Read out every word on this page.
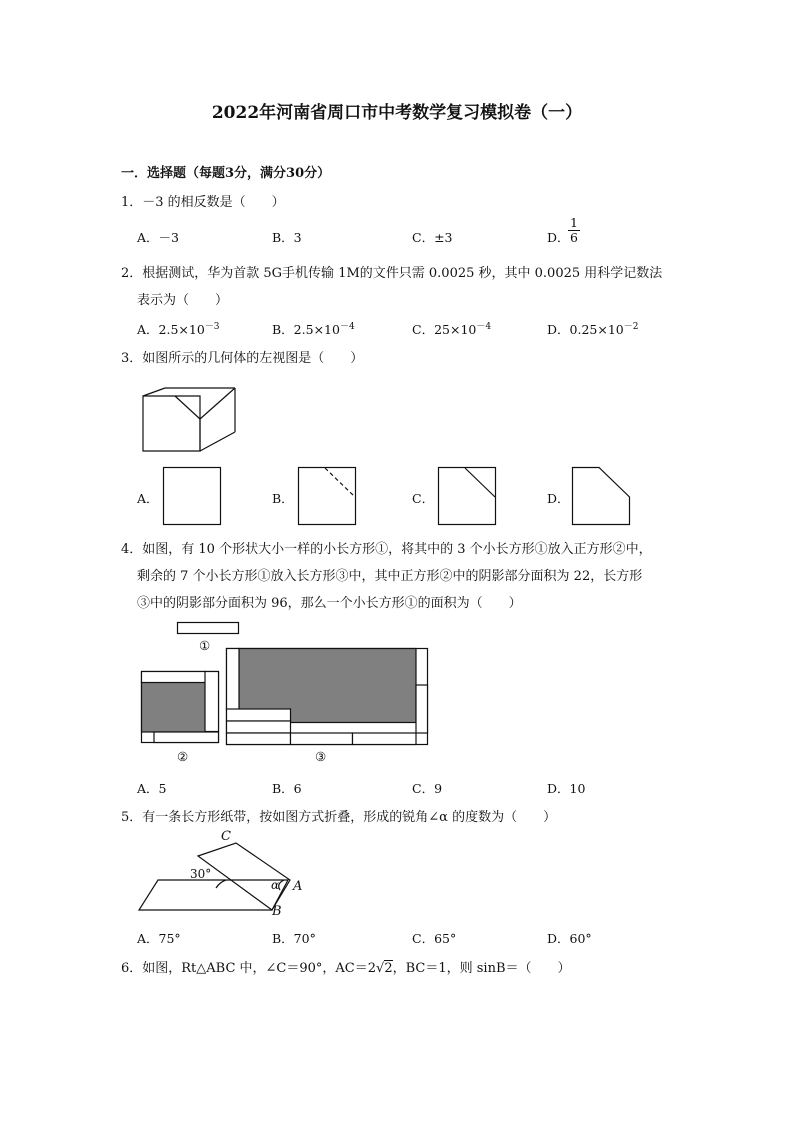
2022年河南省周口市中考数学复习模拟卷（一）
一．选择题（每题3分，满分30分）
1．－3 的相反数是（　　）
A．－3	B．3	C．±3	D．
$\frac{1}{6}$
2．根据测试，华为首款 5G手机传输 1M的文件只需 0.0025 秒，其中 0.0025 用科学记数法
表示为（　　）
A．$2.5\times 10^{-3}$	B．$2.5\times 10^{-4}$	C．$25\times 10^{-4}$	D．$0.25\times 10^{-2}$
3．如图所示的几何体的左视图是（　　）
A．	B．	C．	D．
4．如图，有 10 个形状大小一样的小长方形①，将其中的 3 个小长方形①放入正方形②中，
剩余的 7 个小长方形①放入长方形③中，其中正方形②中的阴影部分面积为 22，长方形
③中的阴影部分面积为 96，那么一个小长方形①的面积为（　　）
①
②	③
A．5	B．6	C．9	D．10
5．有一条长方形纸带，按如图方式折叠，形成的锐角∠α 的度数为（　　）
C
30°
A
α
B
A．75°	B．70°	C．65°	D．60°
6．如图，Rt△ABC 中，∠C＝90°，AC＝2√2，BC＝1，则 sinB＝（　　）
